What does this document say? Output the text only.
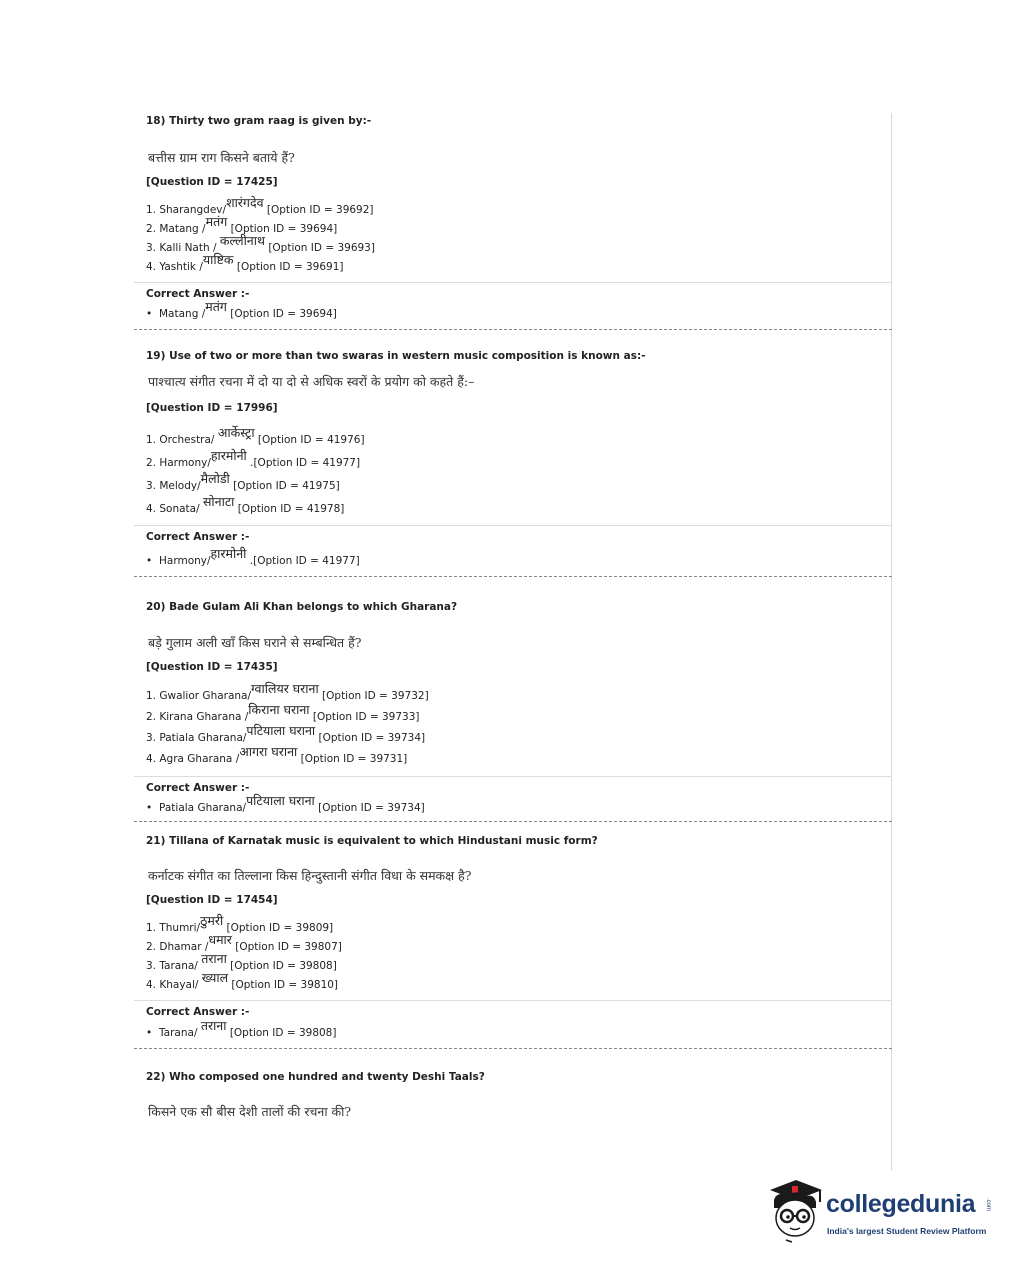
18) Thirty two gram raag is given by:-
बत्तीस ग्राम राग किसने बताये हैं?
[Question ID = 17425]
1. Sharangdev/शारंगदेव [Option ID = 39692]
2. Matang /मतंग [Option ID = 39694]
3. Kalli Nath / कल्लीनाथ [Option ID = 39693]
4. Yashtik /याष्टिक [Option ID = 39691]
Correct Answer :-
• Matang /मतंग [Option ID = 39694]
19) Use of two or more than two swaras in western music composition is known as:-
पाश्चात्य संगीत रचना में दो या दो से अधिक स्वरों के प्रयोग को कहते हैं:–
[Question ID = 17996]
1. Orchestra/ आर्केस्ट्रा [Option ID = 41976]
2. Harmony/हारमोनी .[Option ID = 41977]
3. Melody/मैलोडी [Option ID = 41975]
4. Sonata/ सोनाटा [Option ID = 41978]
Correct Answer :-
• Harmony/हारमोनी .[Option ID = 41977]
20) Bade Gulam Ali Khan belongs to which Gharana?
बड़े गुलाम अली खाँ किस घराने से सम्बन्धित हैं?
[Question ID = 17435]
1. Gwalior Gharana/ग्वालियर घराना [Option ID = 39732]
2. Kirana Gharana /किराना घराना [Option ID = 39733]
3. Patiala Gharana/पटियाला घराना [Option ID = 39734]
4. Agra Gharana /आगरा घराना [Option ID = 39731]
Correct Answer :-
• Patiala Gharana/पटियाला घराना [Option ID = 39734]
21) Tillana of Karnatak music is equivalent to which Hindustani music form?
कर्नाटक संगीत का तिल्लाना किस हिन्दुस्तानी संगीत विधा के समकक्ष है?
[Question ID = 17454]
1. Thumri/ठुमरी [Option ID = 39809]
2. Dhamar /धमार [Option ID = 39807]
3. Tarana/ तराना [Option ID = 39808]
4. Khayal/ ख्याल [Option ID = 39810]
Correct Answer :-
• Tarana/ तराना [Option ID = 39808]
22) Who composed one hundred and twenty Deshi Taals?
किसने एक सौ बीस देशी तालों की रचना की?
collegedunia .com
India's largest Student Review Platform
